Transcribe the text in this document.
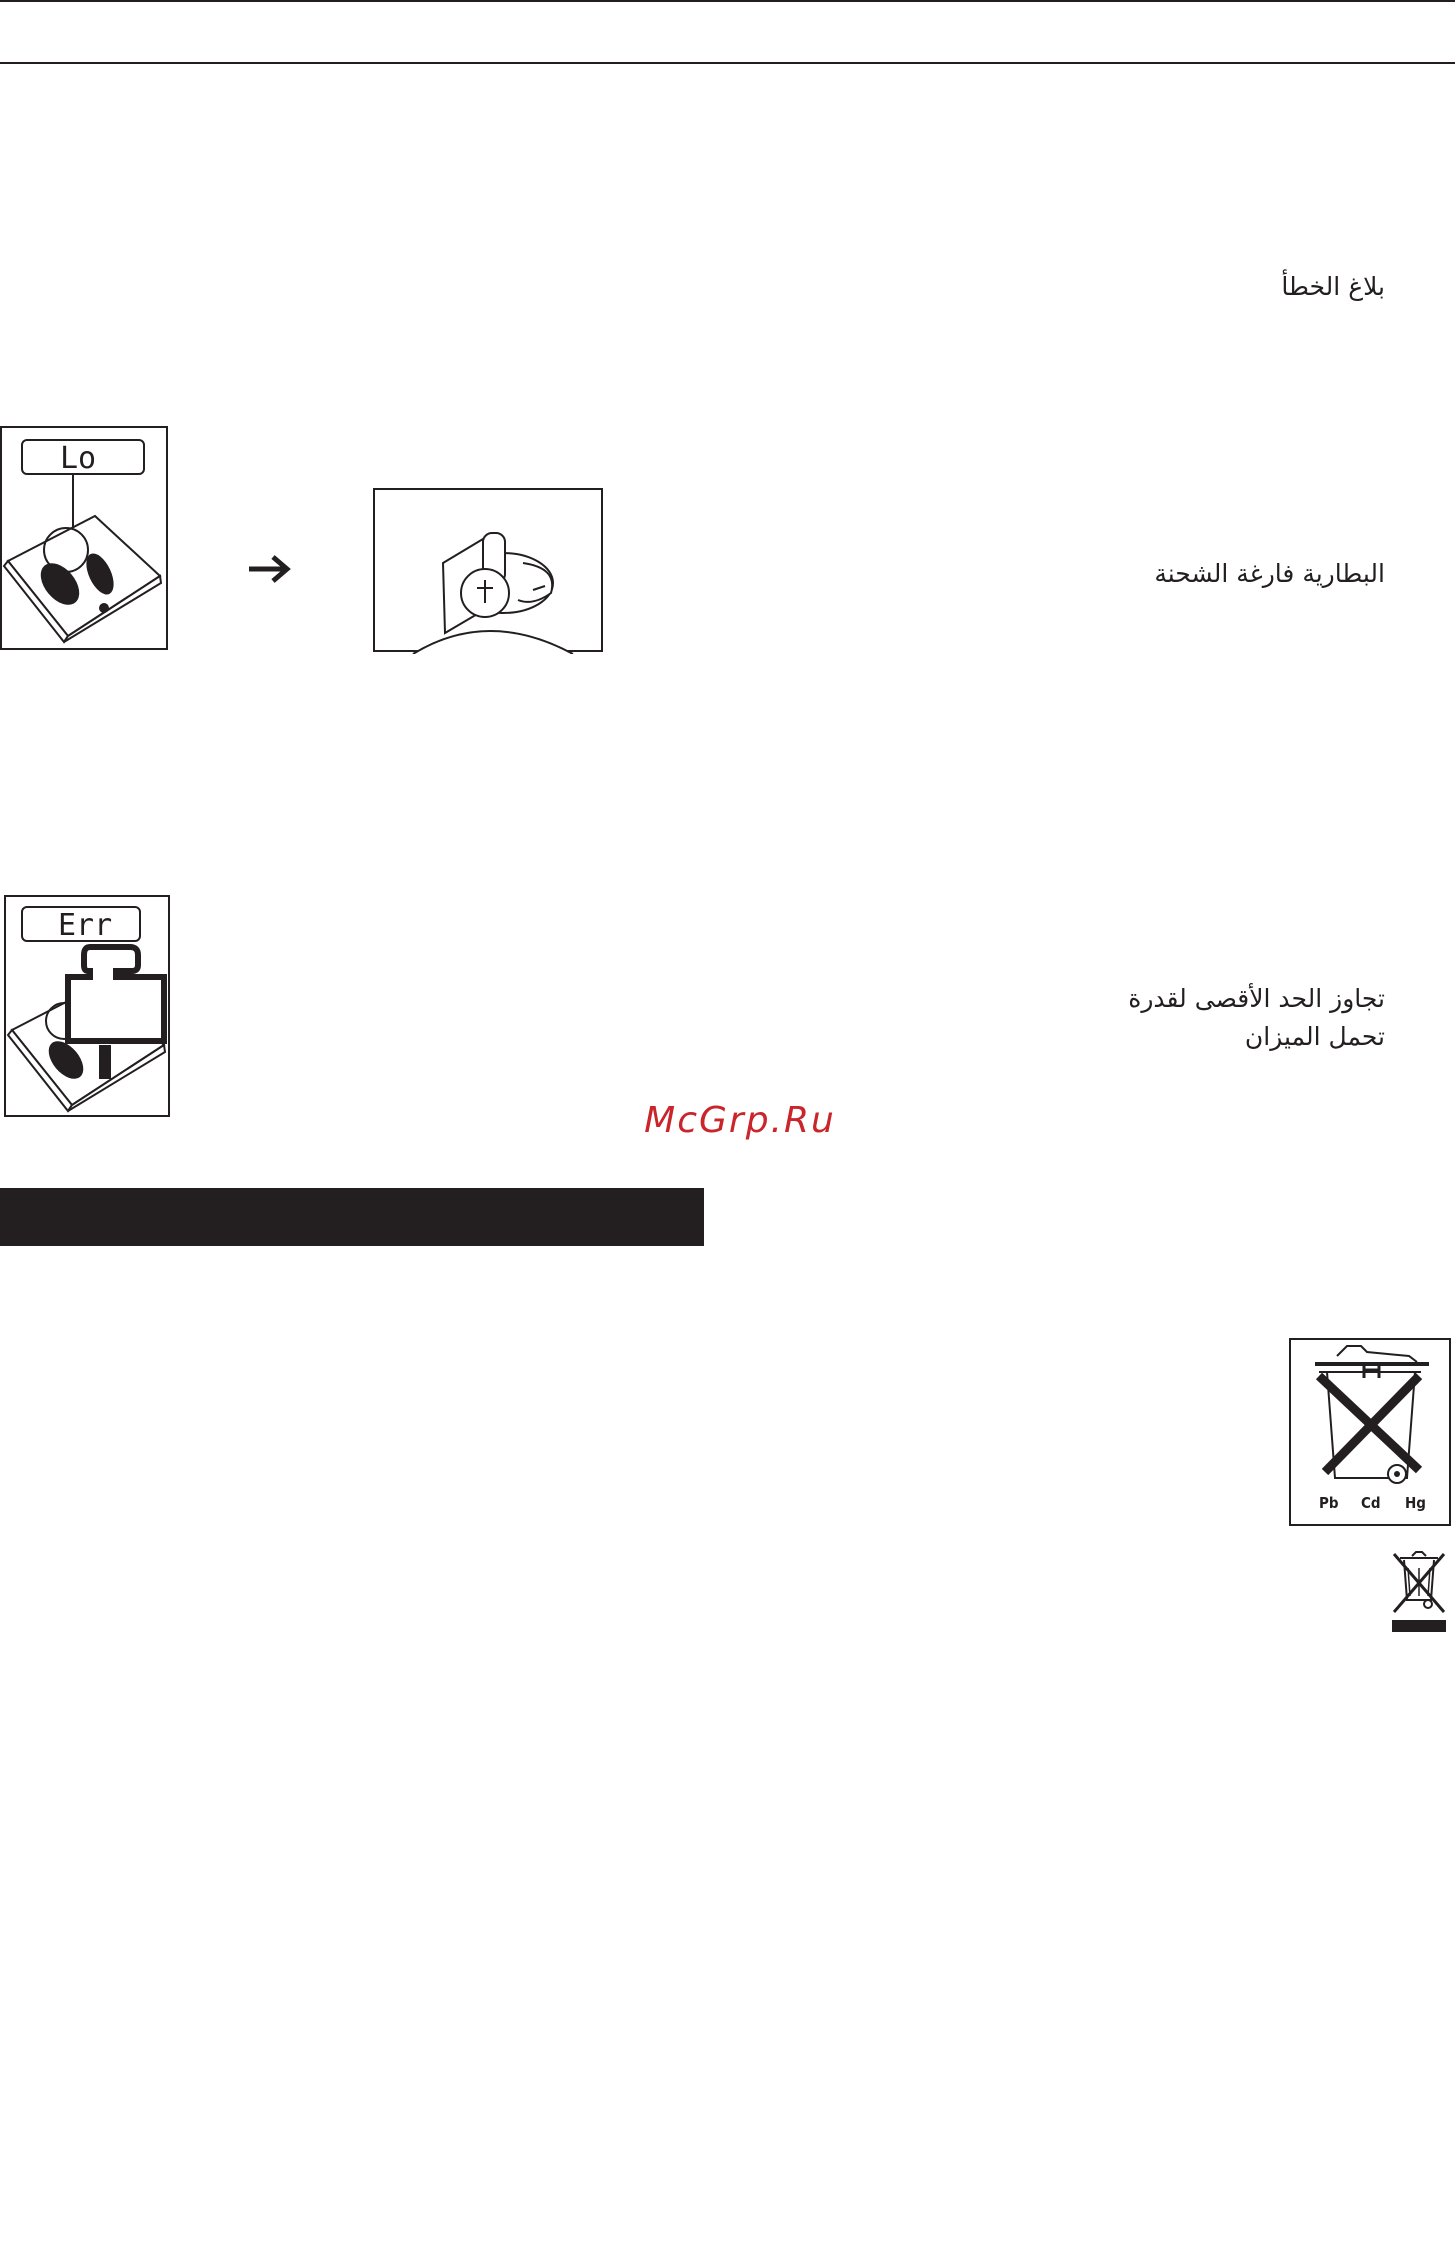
بلاغ الخطأ
Lo
البطارية فارغة الشحنة
Err
تجاوز الحد الأقصى لقدرة
تحمل الميزان
McGrp.Ru
Pb Cd Hg
